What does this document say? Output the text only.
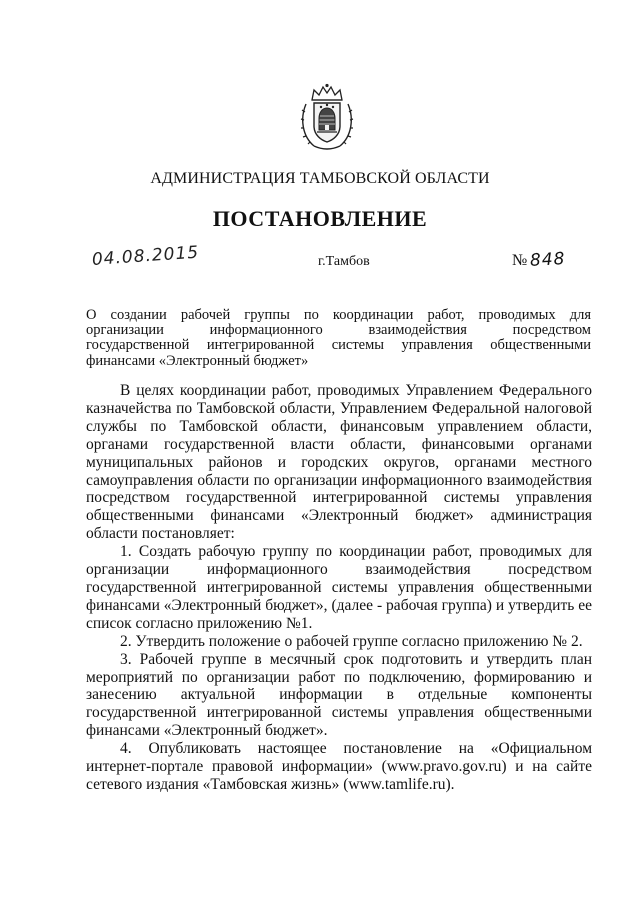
АДМИНИСТРАЦИЯ ТАМБОВСКОЙ ОБЛАСТИ
ПОСТАНОВЛЕНИЕ
04.08.2015	г.Тамбов	№ 848

О создании рабочей группы по координации работ, проводимых для

организации информационного взаимодействия посредством

государственной интегрированной системы управления общественными

финансами «Электронный бюджет»

В целях координации работ, проводимых Управлением Федерального казначейства по Тамбовской области, Управлением Федеральной налоговой службы по Тамбовской области, финансовым управлением области, органами государственной власти области, финансовыми органами муниципальных районов и городских округов, органами местного самоуправления области по организации информационного взаимодействия посредством государственной интегрированной системы управления общественными финансами «Электронный бюджет» администрация области постановляет:

1. Создать рабочую группу по координации работ, проводимых для организации информационного взаимодействия посредством государственной интегрированной системы управления общественными финансами «Электронный бюджет», (далее - рабочая группа) и утвердить ее список согласно приложению №1.

2. Утвердить положение о рабочей группе согласно приложению № 2.

3. Рабочей группе в месячный срок подготовить и утвердить план мероприятий по организации работ по подключению, формированию и занесению актуальной информации в отдельные компоненты государственной интегрированной системы управления общественными финансами «Электронный бюджет».

4. Опубликовать настоящее постановление на «Официальном интернет-портале правовой информации» (www.pravo.gov.ru) и на сайте сетевого издания «Тамбовская жизнь» (www.tamlife.ru).
